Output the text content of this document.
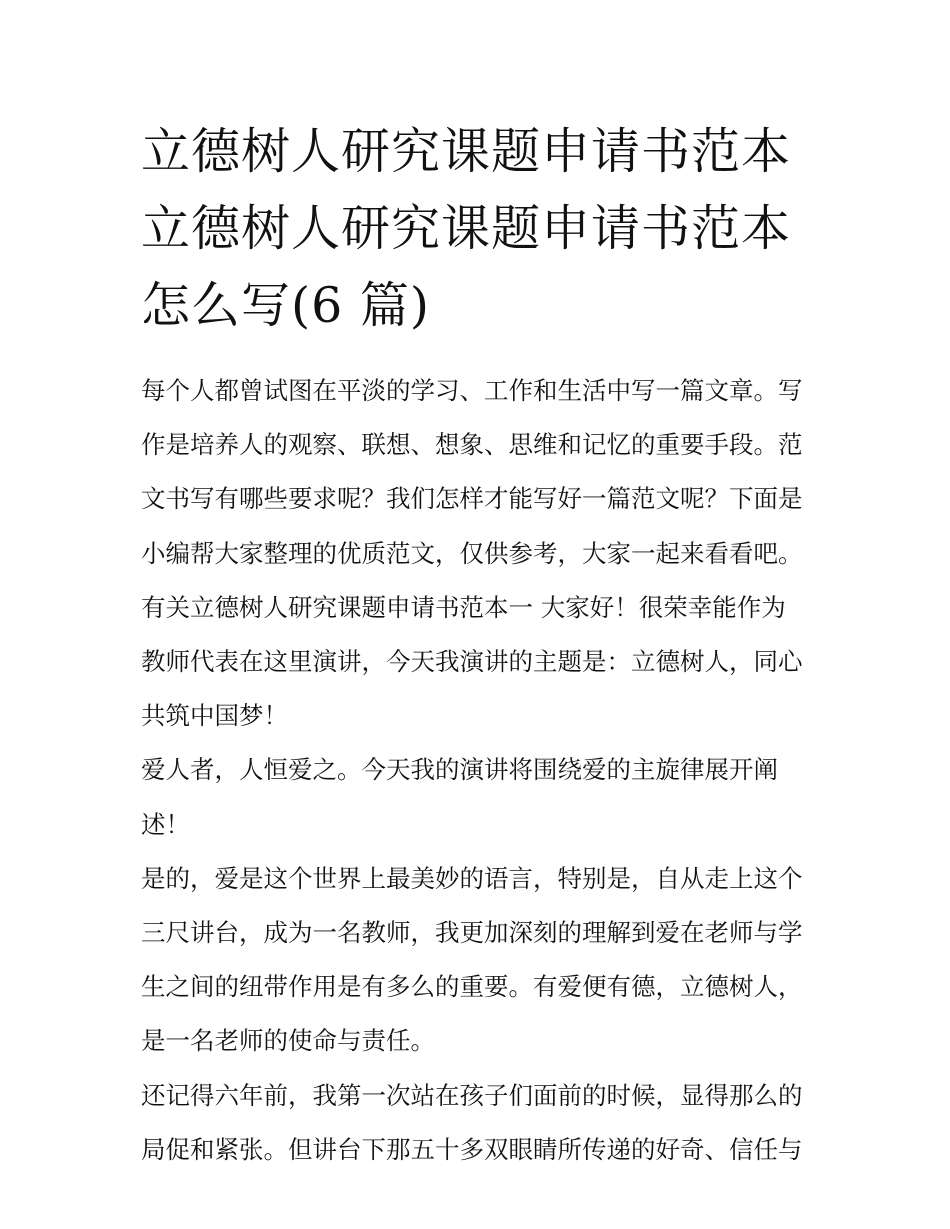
立德树人研究课题申请书范本
立德树人研究课题申请书范本
怎么写(6 篇)
每个人都曾试图在平淡的学习、工作和生活中写一篇文章。写
作是培养人的观察、联想、想象、思维和记忆的重要手段。范
文书写有哪些要求呢？我们怎样才能写好一篇范文呢？下面是
小编帮大家整理的优质范文，仅供参考，大家一起来看看吧。
有关立德树人研究课题申请书范本一 大家好！很荣幸能作为
教师代表在这里演讲，今天我演讲的主题是：立德树人，同心
共筑中国梦！
爱人者，人恒爱之。今天我的演讲将围绕爱的主旋律展开阐
述！
是的，爱是这个世界上最美妙的语言，特别是，自从走上这个
三尺讲台，成为一名教师，我更加深刻的理解到爱在老师与学
生之间的纽带作用是有多么的重要。有爱便有德，立德树人，
是一名老师的使命与责任。
还记得六年前，我第一次站在孩子们面前的时候，显得那么的
局促和紧张。但讲台下那五十多双眼睛所传递的好奇、信任与
